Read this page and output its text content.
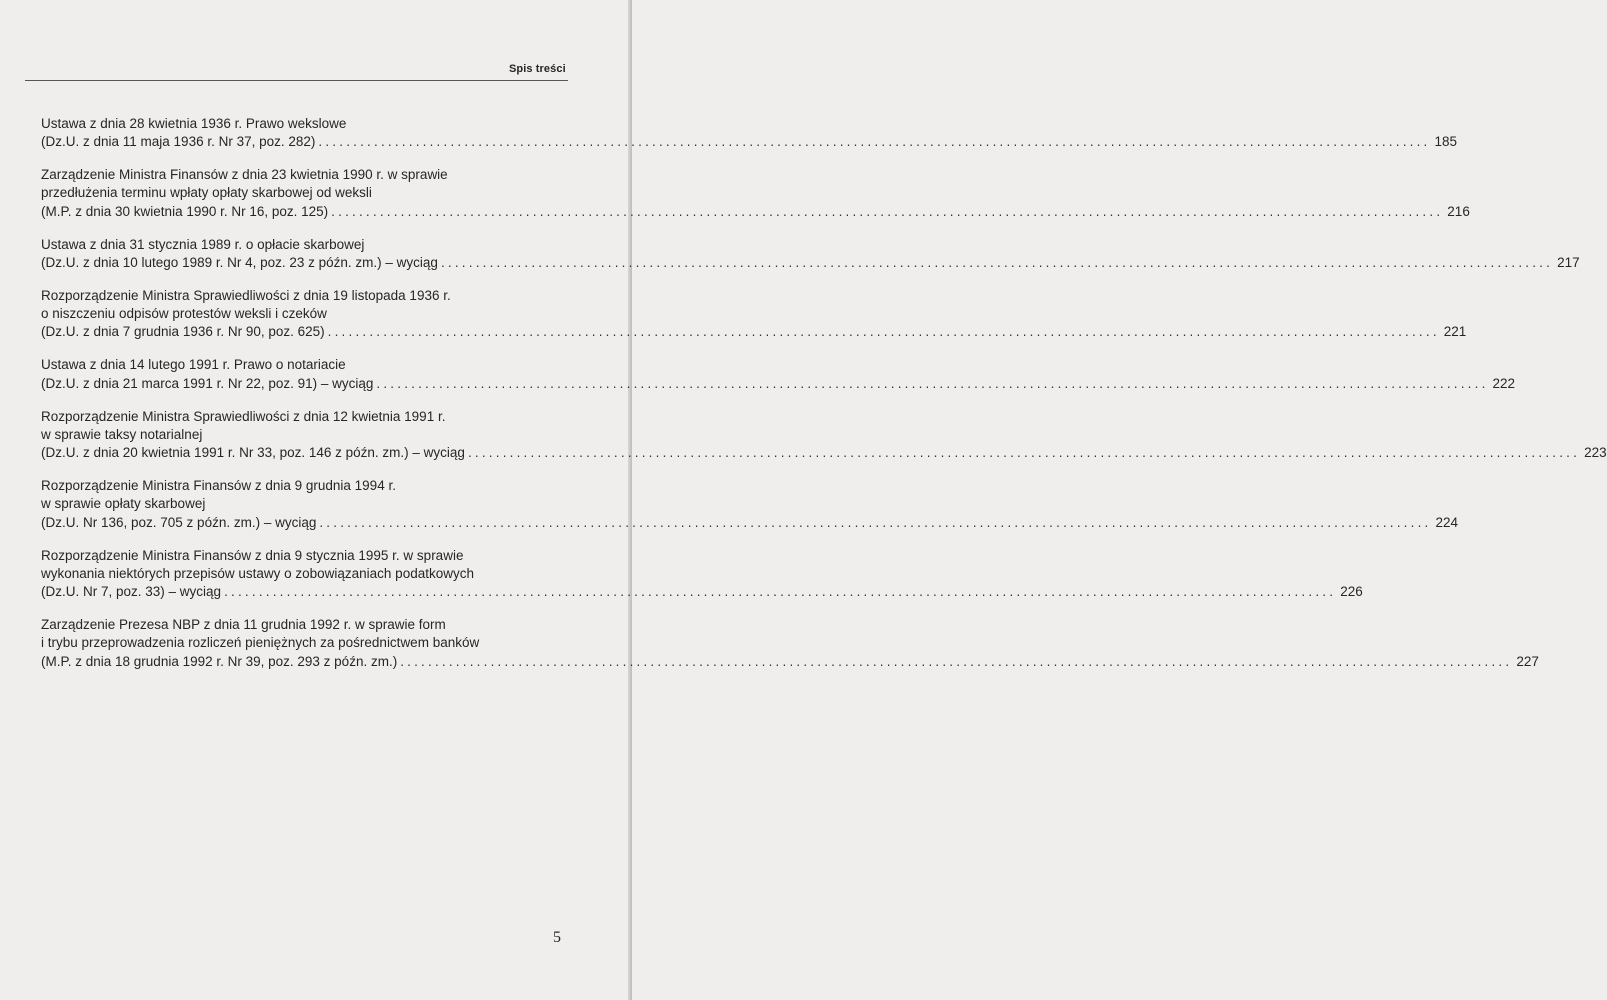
Spis treści
Ustawa z dnia 28 kwietnia 1936 r. Prawo wekslowe
(Dz.U. z dnia 11 maja 1936 r. Nr 37, poz. 282) ................................................................................................................................................................ 185
Zarządzenie Ministra Finansów z dnia 23 kwietnia 1990 r. w sprawie
przedłużenia terminu wpłaty opłaty skarbowej od weksli
(M.P. z dnia 30 kwietnia 1990 r. Nr 16, poz. 125) ................................................................................................................................................................ 216
Ustawa z dnia 31 stycznia 1989 r. o opłacie skarbowej
(Dz.U. z dnia 10 lutego 1989 r. Nr 4, poz. 23 z późn. zm.) – wyciąg ................................................................................................................................................................ 217
Rozporządzenie Ministra Sprawiedliwości z dnia 19 listopada 1936 r.
o niszczeniu odpisów protestów weksli i czeków
(Dz.U. z dnia 7 grudnia 1936 r. Nr 90, poz. 625) ................................................................................................................................................................ 221
Ustawa z dnia 14 lutego 1991 r. Prawo o notariacie
(Dz.U. z dnia 21 marca 1991 r. Nr 22, poz. 91) – wyciąg ................................................................................................................................................................ 222
Rozporządzenie Ministra Sprawiedliwości z dnia 12 kwietnia 1991 r.
w sprawie taksy notarialnej
(Dz.U. z dnia 20 kwietnia 1991 r. Nr 33, poz. 146 z późn. zm.) – wyciąg ................................................................................................................................................................ 223
Rozporządzenie Ministra Finansów z dnia 9 grudnia 1994 r.
w sprawie opłaty skarbowej
(Dz.U. Nr 136, poz. 705 z późn. zm.) – wyciąg ................................................................................................................................................................ 224
Rozporządzenie Ministra Finansów z dnia 9 stycznia 1995 r. w sprawie
wykonania niektórych przepisów ustawy o zobowiązaniach podatkowych
(Dz.U. Nr 7, poz. 33) – wyciąg ................................................................................................................................................................ 226
Zarządzenie Prezesa NBP z dnia 11 grudnia 1992 r. w sprawie form
i trybu przeprowadzenia rozliczeń pieniężnych za pośrednictwem banków
(M.P. z dnia 18 grudnia 1992 r. Nr 39, poz. 293 z późn. zm.) ................................................................................................................................................................ 227
5
